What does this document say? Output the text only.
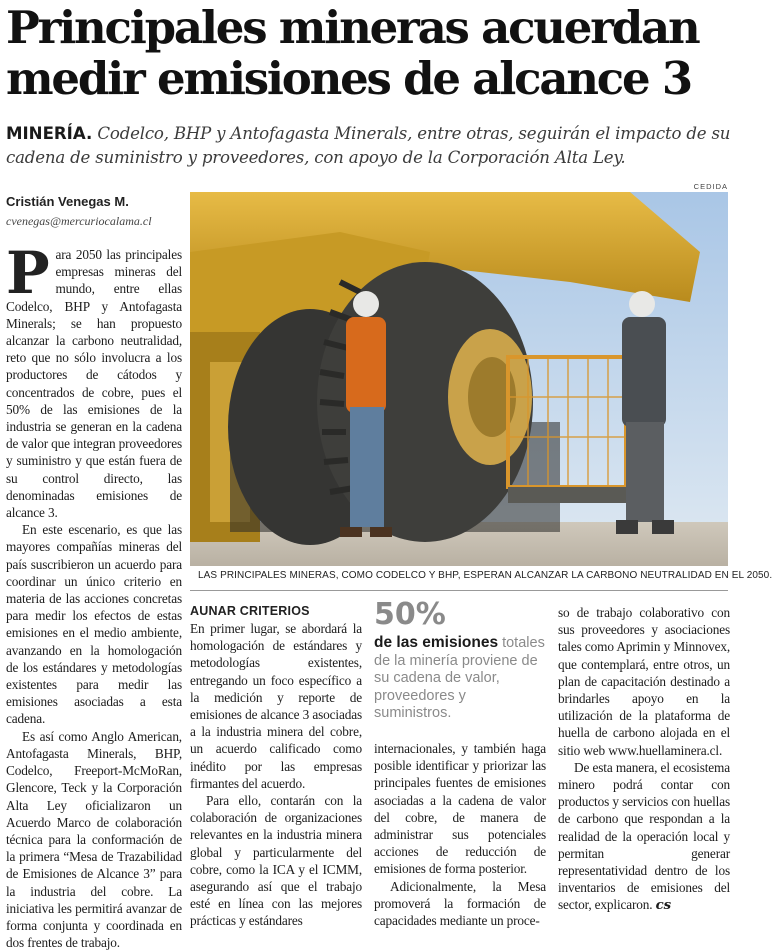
Principales mineras acuerdan medir emisiones de alcance 3
MINERÍA. Codelco, BHP y Antofagasta Minerals, entre otras, seguirán el impacto de su cadena de suministro y proveedores, con apoyo de la Corporación Alta Ley.
Cristián Venegas M.
cvenegas@mercuriocalama.cl
CEDIDA
LAS PRINCIPALES MINERAS, COMO CODELCO Y BHP, ESPERAN ALCANZAR LA CARBONO NEUTRALIDAD EN EL 2050.

Para 2050 las principales empresas mineras del mundo, entre ellas Codelco, BHP y Antofagasta Minerals; se han propuesto alcanzar la carbono neutralidad, reto que no sólo involucra a los productores de cátodos y concentrados de cobre, pues el 50% de las emisiones de la industria se generan en la cadena de valor que integran proveedores y suministro y que están fuera de su control directo, las denominadas emisiones de alcance 3.

En este escenario, es que las mayores compañías mineras del país suscribieron un acuerdo para coordinar un único criterio en materia de las acciones concretas para medir los efectos de estas emisiones en el medio ambiente, avanzando en la homologación de los estándares y metodologías existentes para medir las emisiones asociadas a esta cadena.

Es así como Anglo American, Antofagasta Minerals, BHP, Codelco, Freeport-McMoRan, Glencore, Teck y la Corporación Alta Ley oficializaron un Acuerdo Marco de colaboración técnica para la conformación de la primera “Mesa de Trazabilidad de Emisiones de Alcance 3” para la industria del cobre. La iniciativa les permitirá avanzar de forma conjunta y coordinada en dos frentes de trabajo.

AUNAR CRITERIOS

En primer lugar, se abordará la homologación de estándares y metodologías existentes, entregando un foco específico a la medición y reporte de emisiones de alcance 3 asociadas a la industria minera del cobre, un acuerdo calificado como inédito por las empresas firmantes del acuerdo.

Para ello, contarán con la colaboración de organizaciones relevantes en la industria minera global y particularmente del cobre, como la ICA y el ICMM, asegurando así que el trabajo esté en línea con las mejores prácticas y estándares

50%
de las emisiones totales de la minería proviene de su cadena de valor, proveedores y suministros.

internacionales, y también haga posible identificar y priorizar las principales fuentes de emisiones asociadas a la cadena de valor del cobre, de manera de administrar sus potenciales acciones de reducción de emisiones de forma posterior.

Adicionalmente, la Mesa promoverá la formación de capacidades mediante un proce-

so de trabajo colaborativo con sus proveedores y asociaciones tales como Aprimin y Minnovex, que contemplará, entre otros, un plan de capacitación destinado a brindarles apoyo en la utilización de la plataforma de huella de carbono alojada en el sitio web www.huellaminera.cl.

De esta manera, el ecosistema minero podrá contar con productos y servicios con huellas de carbono que respondan a la realidad de la operación local y permitan generar representatividad dentro de los inventarios de emisiones del sector, explicaron. cs
